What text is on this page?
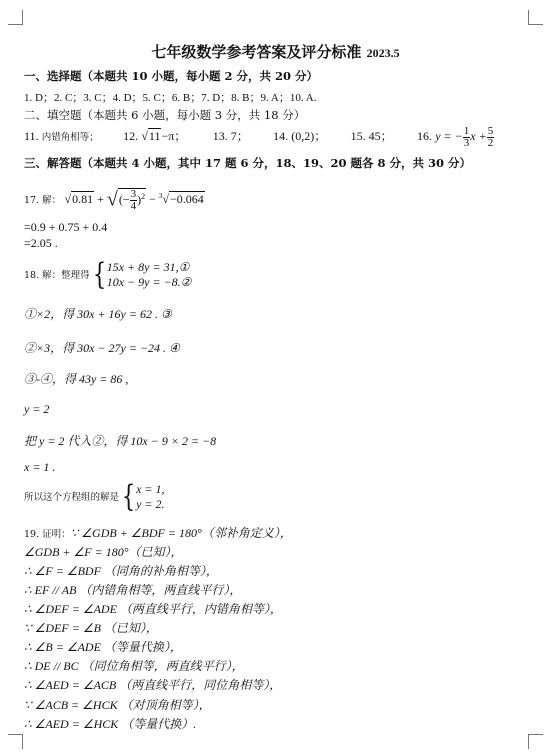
七年级数学参考答案及评分标准 2023.5
一、选择题（本题共 10 小题，每小题 2 分，共 20 分）
1. D；2. C；3. C；4. D；5. C；6. B；7. D；8. B；9. A；10. A.
二、填空题（本题共 6 小题，每小题 3 分，共 18 分）
11. 内错角相等； 12. √11−π； 13. 7； 14. (0,2)； 15. 45； 16. y = − $\frac{1}{3}$ $x + \frac{5}{2}$
三、解答题（本题共 4 小题，其中 17 题 6 分，18、19、20 题各 8 分，共 30 分）
17. 解： √0.81 + √(− $\frac{3}{4} )^2 - ^3√-0.064$
=0.9 + 0.75 + 0.4
=2.05 .
18. 解：整理得{ 15x + 8y = 31,①
10x − 9y = −8.②
①×2，得 30x + 16y = 62 . ③
②×3，得 30x − 27y = −24 . ④
③-④，得 43y = 86 ,
y = 2
把 y = 2 代入②，得 10x − 9 × 2 = −8
x = 1 .
所以这个方程组的解是{ x = 1,
y = 2.
19. 证明：∵ ∠GDB + ∠BDF = 180°（邻补角定义），
∠GDB + ∠F = 180°（已知），
∴ ∠F = ∠BDF （同角的补角相等），
∴ EF // AB （内错角相等，两直线平行），
∴ ∠DEF = ∠ADE （两直线平行，内错角相等），
∵ ∠DEF = ∠B （已知），
∴ ∠B = ∠ADE （等量代换），
∴ DE // BC （同位角相等，两直线平行），
∴ ∠AED = ∠ACB （两直线平行，同位角相等），
∵ ∠ACB = ∠HCK （对顶角相等），
∴ ∠AED = ∠HCK （等量代换）.
